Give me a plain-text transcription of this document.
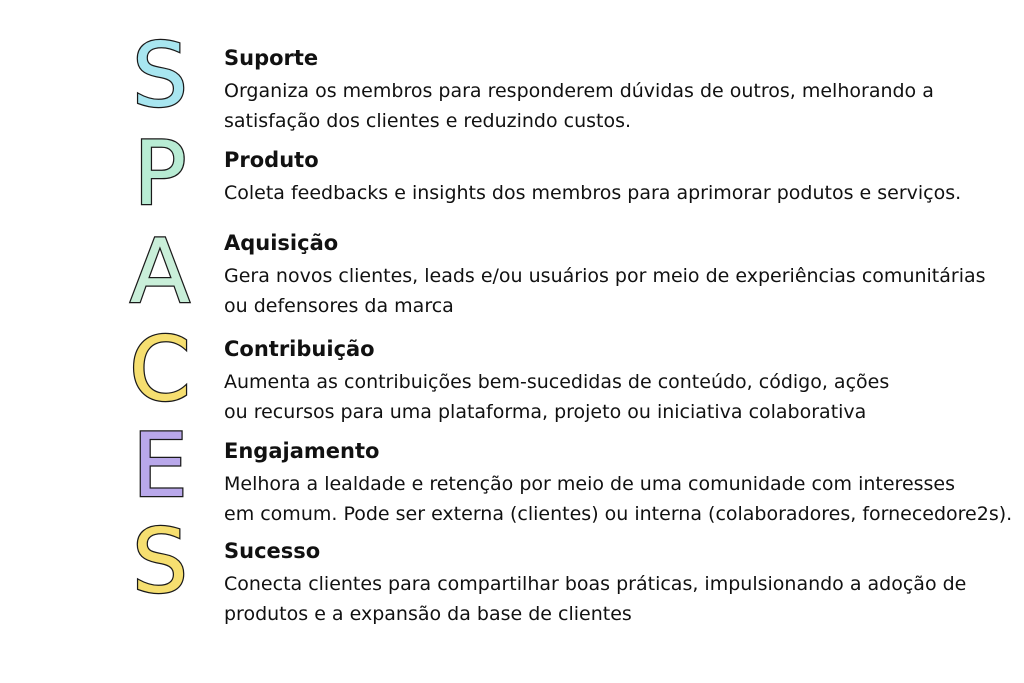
S
P
A
C
E
S

Suporte

Organiza os membros para responderem dúvidas de outros, melhorando a
satisfação dos clientes e reduzindo custos.

Produto

Coleta feedbacks e insights dos membros para aprimorar podutos e serviços.

Aquisição

Gera novos clientes, leads e/ou usuários por meio de experiências comunitárias
ou defensores da marca

Contribuição

Aumenta as contribuições bem-sucedidas de conteúdo, código, ações
ou recursos para uma plataforma, projeto ou iniciativa colaborativa

Engajamento

Melhora a lealdade e retenção por meio de uma comunidade com interesses
em comum. Pode ser externa (clientes) ou interna (colaboradores, fornecedore2s).

Sucesso

Conecta clientes para compartilhar boas práticas, impulsionando a adoção de
produtos e a expansão da base de clientes
